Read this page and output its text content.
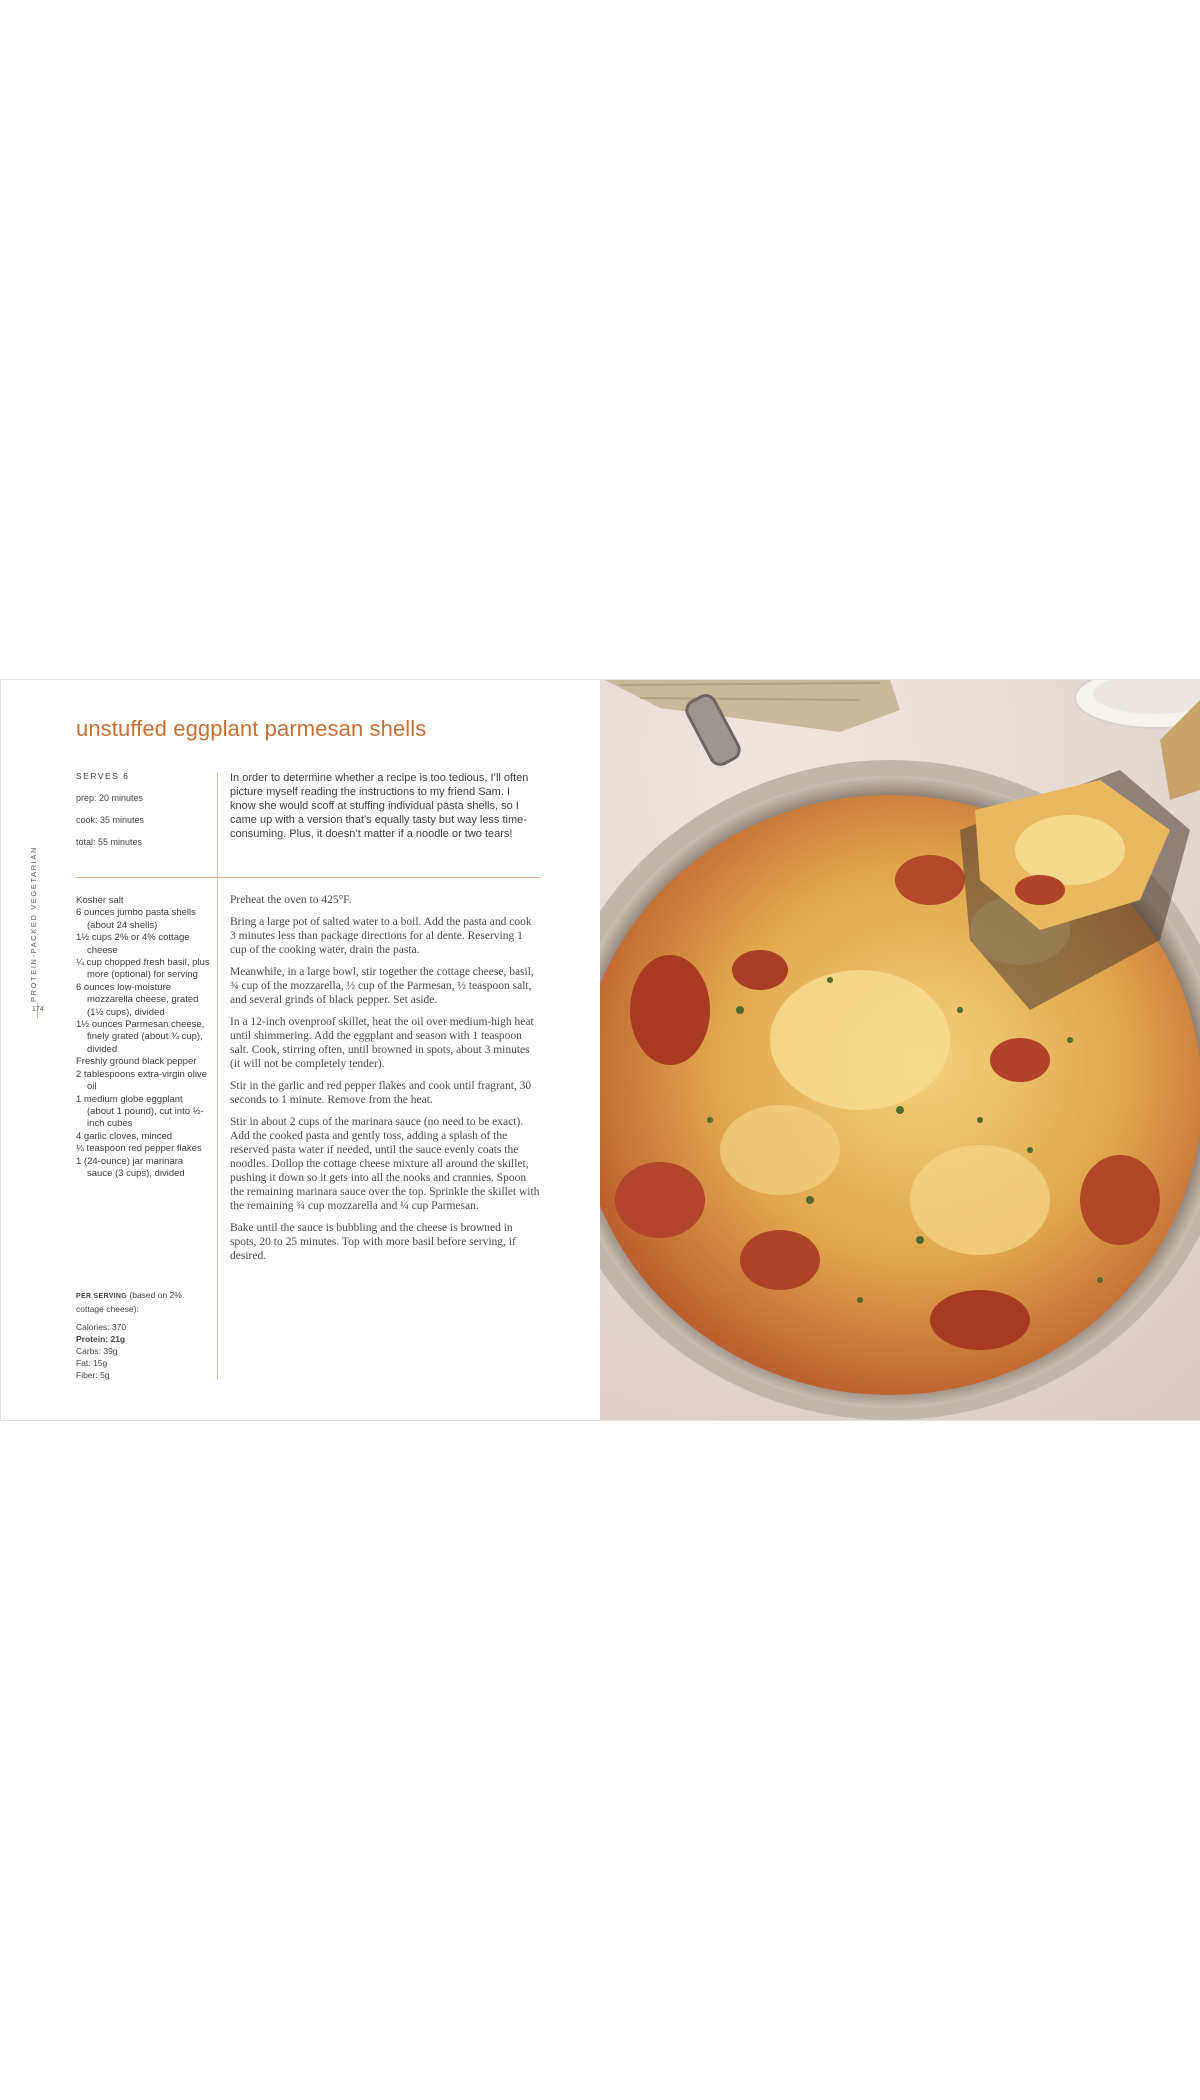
unstuffed eggplant parmesan shells
SERVES 6
prep: 20 minutes
cook: 35 minutes
total: 55 minutes

In order to determine whether a recipe is too tedious, I’ll often picture myself reading the instructions to my friend Sam. I know she would scoff at stuffing individual pasta shells, so I came up with a version that’s equally tasty but way less time-consuming. Plus, it doesn’t matter if a noodle or two tears!

Kosher salt
6 ounces jumbo pasta shells (about 24 shells)
1½ cups 2% or 4% cottage cheese
¼ cup chopped fresh basil, plus more (optional) for serving
6 ounces low-moisture mozzarella cheese, grated (1½ cups), divided
1½ ounces Parmesan cheese, finely grated (about ¾ cup), divided
Freshly ground black pepper
2 tablespoons extra-virgin olive oil
1 medium globe eggplant (about 1 pound), cut into ½-inch cubes
4 garlic cloves, minced
¼ teaspoon red pepper flakes
1 (24-ounce) jar marinara sauce (3 cups), divided

Preheat the oven to 425°F.

Bring a large pot of salted water to a boil. Add the pasta and cook 3 minutes less than package directions for al dente. Reserving 1 cup of the cooking water, drain the pasta.

Meanwhile, in a large bowl, stir together the cottage cheese, basil, ¾ cup of the mozzarella, ½ cup of the Parmesan, ½ teaspoon salt, and several grinds of black pepper. Set aside.

In a 12-inch ovenproof skillet, heat the oil over medium-high heat until shimmering. Add the eggplant and season with 1 teaspoon salt. Cook, stirring often, until browned in spots, about 3 minutes (it will not be completely tender).

Stir in the garlic and red pepper flakes and cook until fragrant, 30 seconds to 1 minute. Remove from the heat.

Stir in about 2 cups of the marinara sauce (no need to be exact). Add the cooked pasta and gently toss, adding a splash of the reserved pasta water if needed, until the sauce evenly coats the noodles. Dollop the cottage cheese mixture all around the skillet, pushing it down so it gets into all the nooks and crannies. Spoon the remaining marinara sauce over the top. Sprinkle the skillet with the remaining ¾ cup mozzarella and ¼ cup Parmesan.

Bake until the sauce is bubbling and the cheese is browned in spots, 20 to 25 minutes. Top with more basil before serving, if desired.

PER SERVING (based on 2% cottage cheese):
Calories: 370
Protein: 21g
Carbs: 39g
Fat: 15g
Fiber: 5g
PROTEIN-PACKED VEGETARIAN
174
